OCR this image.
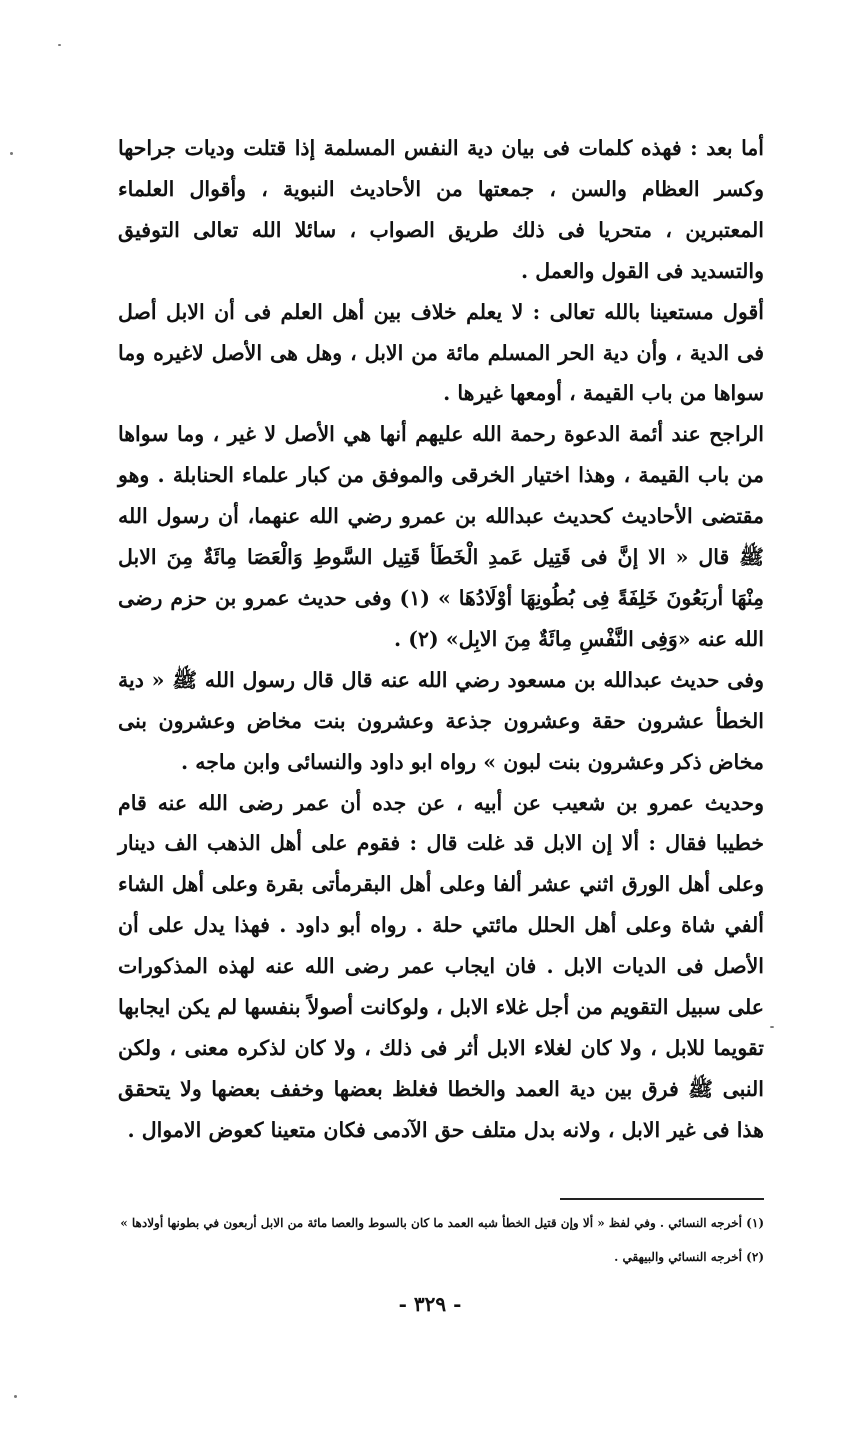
أما بعد : فهذه كلمات فى بيان دية النفس المسلمة إذا قتلت وديات جراحها وكسر العظام والسن ، جمعتها من الأحاديث النبوية ، وأقوال العلماء المعتبرين ، متحريا فى ذلك طريق الصواب ، سائلا الله تعالى التوفيق والتسديد فى القول والعمل .

أقول مستعينا بالله تعالى : لا يعلم خلاف بين أهل العلم فى أن الابل أصل فى الدية ، وأن دية الحر المسلم مائة من الابل ، وهل هى الأصل لاغيره وما سواها من باب القيمة ، أومعها غيرها .

الراجح عند أئمة الدعوة رحمة الله عليهم أنها هي الأصل لا غير ، وما سواها من باب القيمة ، وهذا اختيار الخرقى والموفق من كبار علماء الحنابلة . وهو مقتضى الأحاديث كحديث عبدالله بن عمرو رضي الله عنهما، أن رسول الله ﷺ قال « الا إنَّ فى قَتِيل عَمدِ الْخَطَأ قَتِيل السَّوطِ وَالْعَصَا مِائَةٌ مِنَ الابل مِنْهَا أربَعُونَ خَلِفَةً فِى بُطُونِهَا أوْلَادُهَا » (١) وفى حديث عمرو بن حزم رضى الله عنه «وَفِى النَّفْسِ مِائَةٌ مِنَ الابِل» (٢) .

وفى حديث عبدالله بن مسعود رضي الله عنه قال قال رسول الله ﷺ « دية الخطأ عشرون حقة وعشرون جذعة وعشرون بنت مخاض وعشرون بنى مخاض ذكر وعشرون بنت لبون » رواه ابو داود والنسائى وابن ماجه .

وحديث عمرو بن شعيب عن أبيه ، عن جده أن عمر رضى الله عنه قام خطيبا فقال : ألا إن الابل قد غلت قال : فقوم على أهل الذهب الف دينار وعلى أهل الورق اثني عشر ألفا وعلى أهل البقرمأتى بقرة وعلى أهل الشاء ألفي شاة وعلى أهل الحلل مائتي حلة . رواه أبو داود . فهذا يدل على أن الأصل فى الديات الابل . فان ايجاب عمر رضى الله عنه لهذه المذكورات على سبيل التقويم من أجل غلاء الابل ، ولوكانت أصولاً بنفسها لم يكن ايجابها تقويما للابل ، ولا كان لغلاء الابل أثر فى ذلك ، ولا كان لذكره معنى ، ولكن النبى ﷺ فرق بين دية العمد والخطا فغلظ بعضها وخفف بعضها ولا يتحقق هذا فى غير الابل ، ولانه بدل متلف حق الآدمى فكان متعينا كعوض الاموال .

(١) أخرجه النسائي . وفي لفظ « ألا وإن قتيل الخطأ شبه العمد ما كان بالسوط والعصا مائة من الابل أربعون في بطونها أولادها »

(٢) أخرجه النسائي والبيهقي .

- ٣٢٩ -
